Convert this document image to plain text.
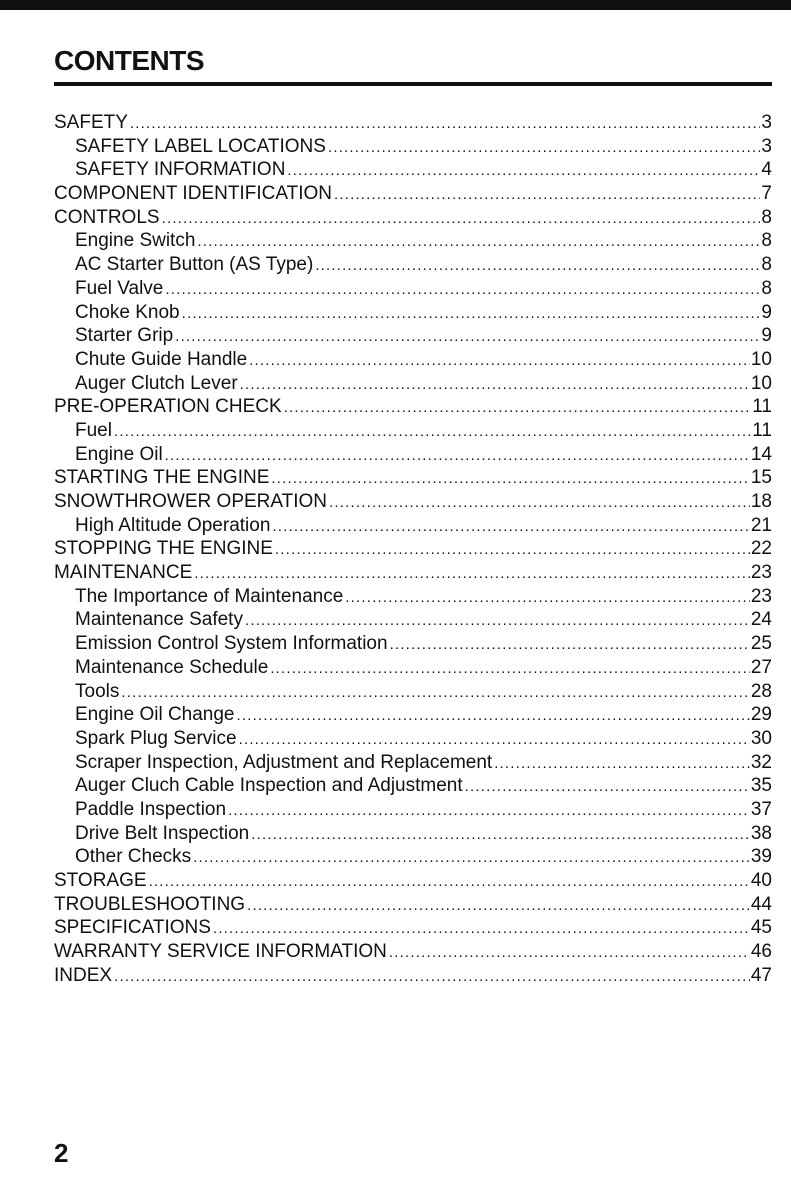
CONTENTS
SAFETY .....	3
SAFETY LABEL LOCATIONS .....	3
SAFETY INFORMATION .....	4
COMPONENT IDENTIFICATION .....	7
CONTROLS .....	8
Engine Switch .....	8
AC Starter Button (AS Type) .....	8
Fuel Valve .....	8
Choke Knob .....	9
Starter Grip .....	9
Chute Guide Handle .....	10
Auger Clutch Lever .....	10
PRE-OPERATION CHECK .....	11
Fuel .....	11
Engine Oil .....	14
STARTING THE ENGINE .....	15
SNOWTHROWER OPERATION .....	18
High Altitude Operation .....	21
STOPPING THE ENGINE .....	22
MAINTENANCE .....	23
The Importance of Maintenance .....	23
Maintenance Safety .....	24
Emission Control System Information .....	25
Maintenance Schedule .....	27
Tools .....	28
Engine Oil Change .....	29
Spark Plug Service .....	30
Scraper Inspection, Adjustment and Replacement .....	32
Auger Cluch Cable Inspection and Adjustment .....	35
Paddle Inspection .....	37
Drive Belt Inspection .....	38
Other Checks .....	39
STORAGE .....	40
TROUBLESHOOTING .....	44
SPECIFICATIONS .....	45
WARRANTY SERVICE INFORMATION .....	46
INDEX .....	47
2
